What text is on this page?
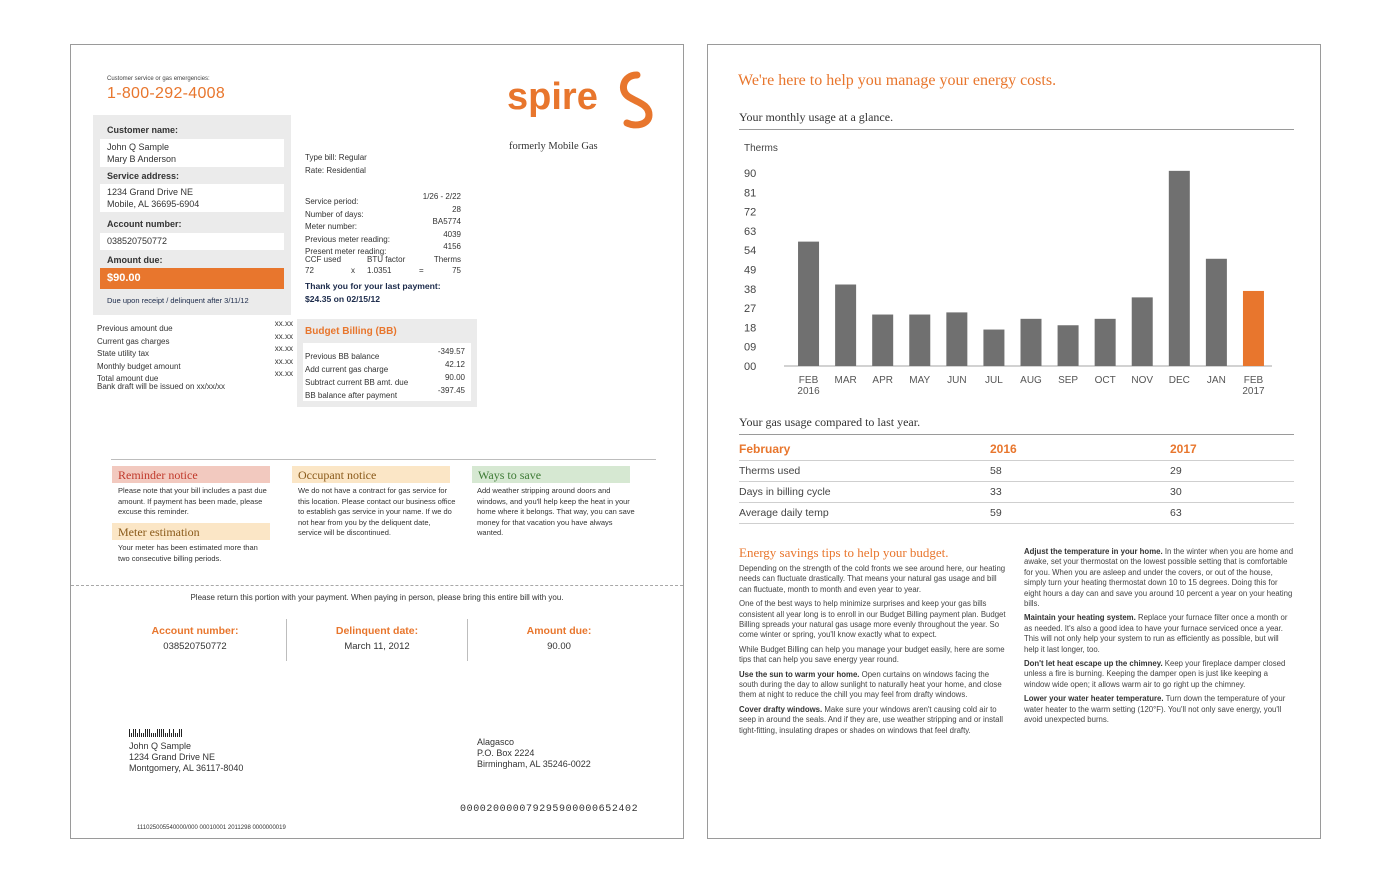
Customer service or gas emergencies:
1-800-292-4008	spire
formerly Mobile Gas
Customer name:
John Q Sample
Mary B Anderson
Service address:
1234 Grand Drive NE
Mobile, AL 36695-6904
Account number:
038520750772
Amount due:
$90.00
Due upon receipt / delinquent after 3/11/12
Type bill: Regular
Rate: Residential
Service period:
1/26 - 2/22
Number of days:
28
Meter number:
BA5774
Previous meter reading:
4039
Present meter reading:
4156
CCF used	BTU factor	Therms
72	x 1.0351	=	75
Thank you for your last payment:
$24.35 on 02/15/12
Previous amount due
xx.xx
Current gas charges
xx.xx
State utility tax
xx.xx
Monthly budget amount
xx.xx
Total amount due
xx.xx
Bank draft will be issued on xx/xx/xx
Budget Billing (BB)
Previous BB balance
-349.57
Add current gas charge
42.12
Subtract current BB amt. due
90.00
BB balance after payment
-397.45
Reminder notice
Please note that your bill includes a past due amount. If payment has been made, please excuse this reminder.
Meter estimation
Your meter has been estimated more than two consecutive billing periods.
Occupant notice
We do not have a contract for gas service for this location. Please contact our business office to establish gas service in your name. If we do not hear from you by the deliquent date, service will be discontinued.
Ways to save
Add weather stripping around doors and windows, and you'll help keep the heat in your home where it belongs. That way, you can save money for that vacation you have always wanted.
Please return this portion with your payment. When paying in person, please bring this entire bill with you.
Account number:
038520750772
Delinquent date:
March 11, 2012
Amount due:
90.00
John Q Sample
1234 Grand Drive NE
Montgomery, AL 36117-8040
Alagasco
P.O. Box 2224
Birmingham, AL 35246-0022
000020000079295900000652402
111025005540000/000 00010001 2011298 0000000019
We're here to help you manage your energy costs.
Your monthly usage at a glance.
Therms
00
09
18
27
38
49
54
63
72
81
90
FEB
2016
MAR APR MAY JUN JUL AUG SEP OCT NOV DEC JAN FEB
2017
Your gas usage compared to last year.
February	2016	2017
Therms used	58	29
Days in billing cycle	33	30
Average daily temp	59	63
Energy savings tips to help your budget.

Depending on the strength of the cold fronts we see around here, our heating needs can fluctuate drastically. That means your natural gas usage and bill can fluctuate, month to month and even year to year.

One of the best ways to help minimize surprises and keep your gas bills consistent all year long is to enroll in our Budget Billing payment plan. Budget Billing spreads your natural gas usage more evenly throughout the year. So come winter or spring, you'll know exactly what to expect.

While Budget Billing can help you manage your budget easily, here are some tips that can help you save energy year round.

Use the sun to warm your home. Open curtains on windows facing the south during the day to allow sunlight to naturally heat your home, and close them at night to reduce the chill you may feel from drafty windows.

Cover drafty windows. Make sure your windows aren't causing cold air to seep in around the seals. And if they are, use weather stripping and or install tight-fitting, insulating drapes or shades on windows that feel drafty.

Adjust the temperature in your home. In the winter when you are home and awake, set your thermostat on the lowest possible setting that is comfortable for you. When you are asleep and under the covers, or out of the house, simply turn your heating thermostat down 10 to 15 degrees. Doing this for eight hours a day can and save you around 10 percent a year on your heating bills.

Maintain your heating system. Replace your furnace filter once a month or as needed. It's also a good idea to have your furnace serviced once a year. This will not only help your system to run as efficiently as possible, but will help it last longer, too.

Don't let heat escape up the chimney. Keep your fireplace damper closed unless a fire is burning. Keeping the damper open is just like keeping a window wide open; it allows warm air to go right up the chimney.

Lower your water heater temperature. Turn down the temperature of your water heater to the warm setting (120°F). You'll not only save energy, you'll avoid unexpected burns.
